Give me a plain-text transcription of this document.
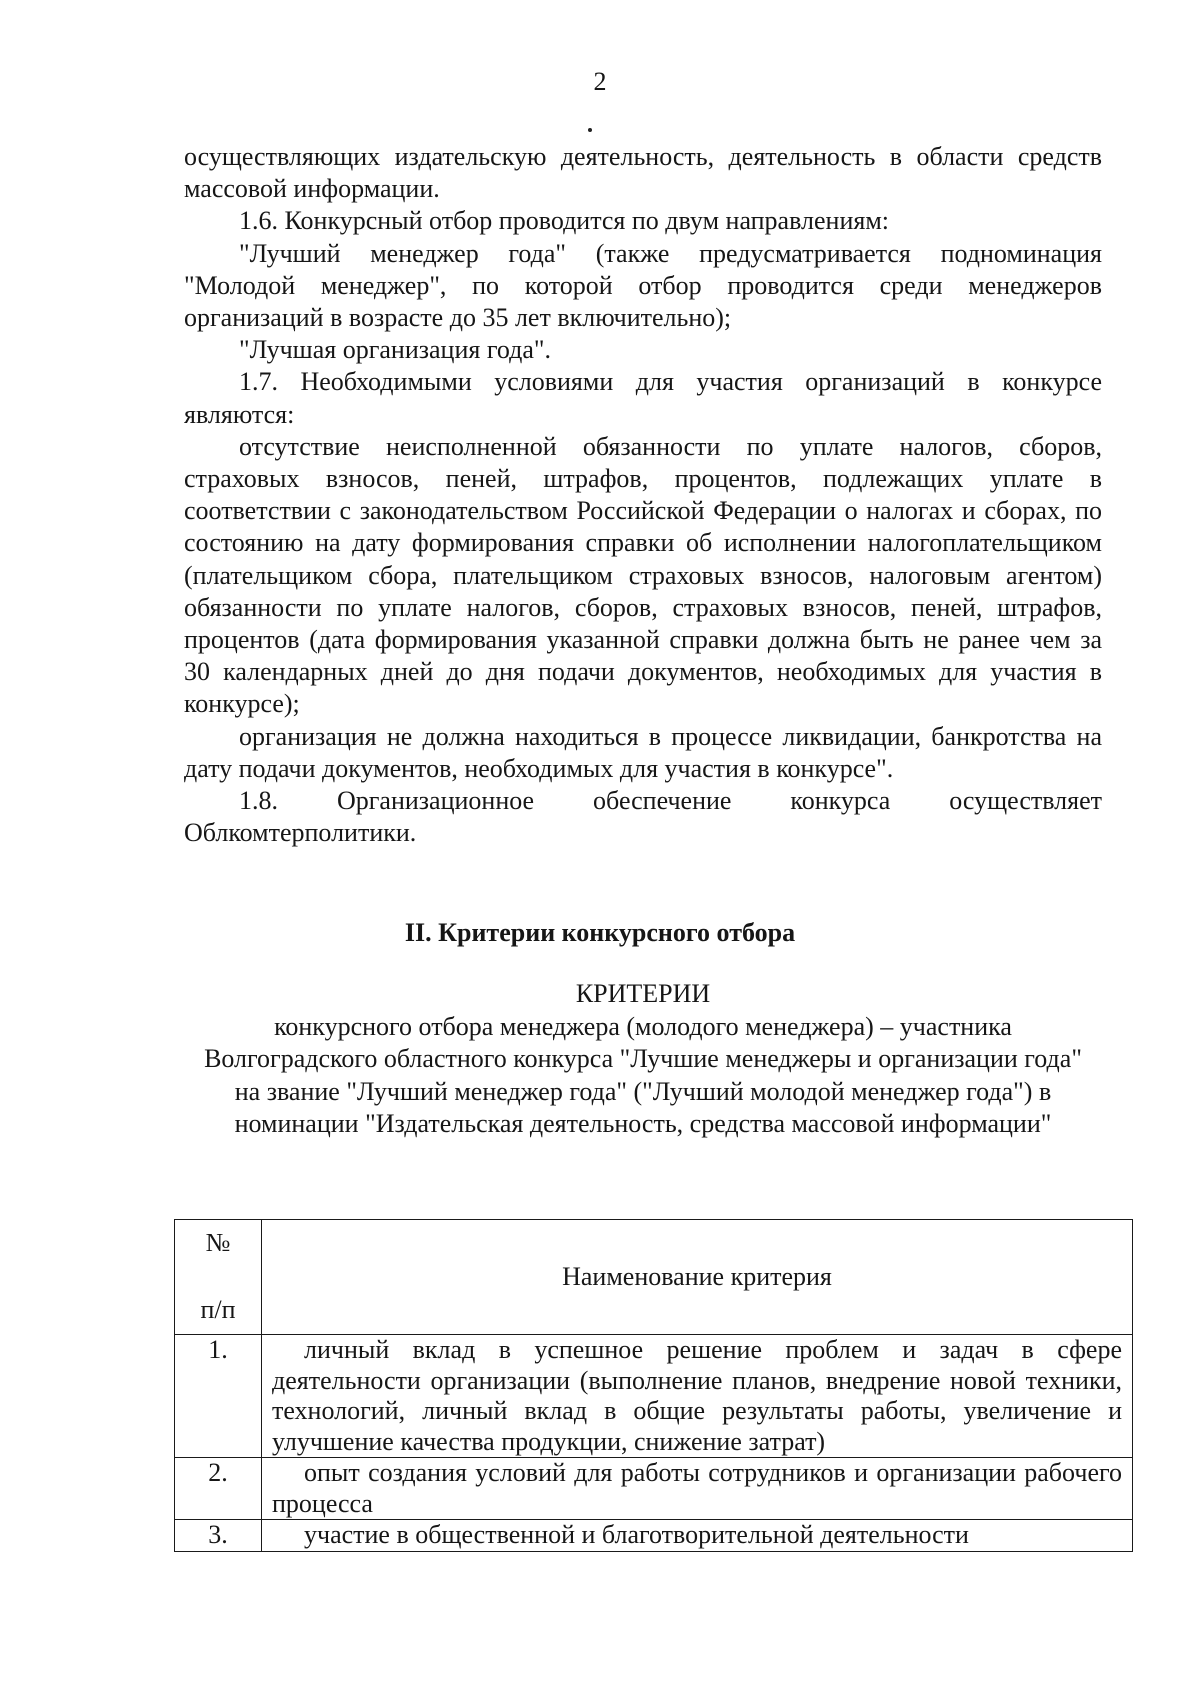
2

осуществляющих издательскую деятельность, деятельность в области средств массовой информации.

1.6. Конкурсный отбор проводится по двум направлениям:

"Лучший менеджер года" (также предусматривается подноминация "Молодой менеджер", по которой отбор проводится среди менеджеров организаций в возрасте до 35 лет включительно);

"Лучшая организация года".

1.7. Необходимыми условиями для участия организаций в конкурсе являются:

отсутствие неисполненной обязанности по уплате налогов, сборов, страховых взносов, пеней, штрафов, процентов, подлежащих уплате в соответствии с законодательством Российской Федерации о налогах и сборах, по состоянию на дату формирования справки об исполнении налогоплательщиком (плательщиком сбора, плательщиком страховых взносов, налоговым агентом) обязанности по уплате налогов, сборов, страховых взносов, пеней, штрафов, процентов (дата формирования указанной справки должна быть не ранее чем за 30 календарных дней до дня подачи документов, необходимых для участия в конкурсе);

организация не должна находиться в процессе ликвидации, банкротства на дату подачи документов, необходимых для участия в конкурсе".

1.8. Организационное обеспечение конкурса осуществляет Облкомтерполитики.

II. Критерии конкурсного отбора
КРИТЕРИИ
конкурсного отбора менеджера (молодого менеджера) – участника Волгоградского областного конкурса "Лучшие менеджеры и организации года" на звание "Лучший менеджер года" ("Лучший молодой менеджер года") в номинации "Издательская деятельность, средства массовой информации"
№
п/п	Наименование критерия
1.	личный вклад в успешное решение проблем и задач в сфере деятельности организации (выполнение планов, внедрение новой техники, технологий, личный вклад в общие результаты работы, увеличение и улучшение качества продукции, снижение затрат)
2.	опыт создания условий для работы сотрудников и организации рабочего процесса
3.	участие в общественной и благотворительной деятельности
